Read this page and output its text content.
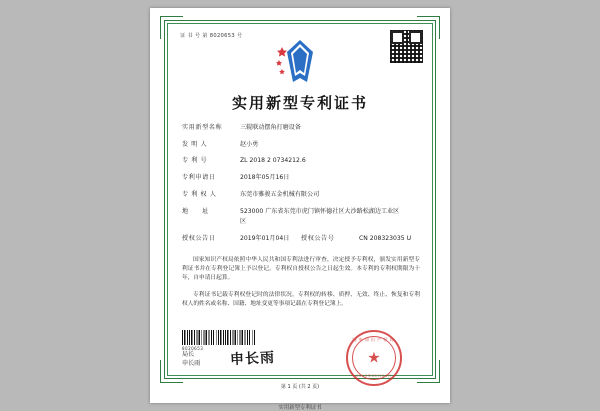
证 书 号 第 8020653 号
实用新型专利证书
实用新型名称	三辊联动摆角打磨设备
发 明 人	赵小勇
专 利 号	ZL 2018 2 0734212.6
专利申请日	2018年05月16日
专 利 权 人	东莞市雅骏五金机械有限公司
地　　址	523000 广东省东莞市虎门镇怀德社区大沙路松湖边工业区
区
授权公告日	2019年01月04日	授权公告号	CN 208323035 U

国家知识产权局依照中华人民共和国专利法进行审查，决定授予专利权，颁发实用新型专利证书并在专利登记簿上予以登记。专利权自授权公告之日起生效。本专利的专利权期限为十年，自申请日起算。

专利证书记载专利权登记时的法律状况。专利权的转移、质押、无效、终止、恢复和专利权人的姓名或名称、国籍、地址变更等事项记载在专利登记簿上。

8020653
局长
申长雨 申长雨
国家知识产权局
★
2019年01月04日
第 1 页 (共 2 页)
实用新型专利证书
